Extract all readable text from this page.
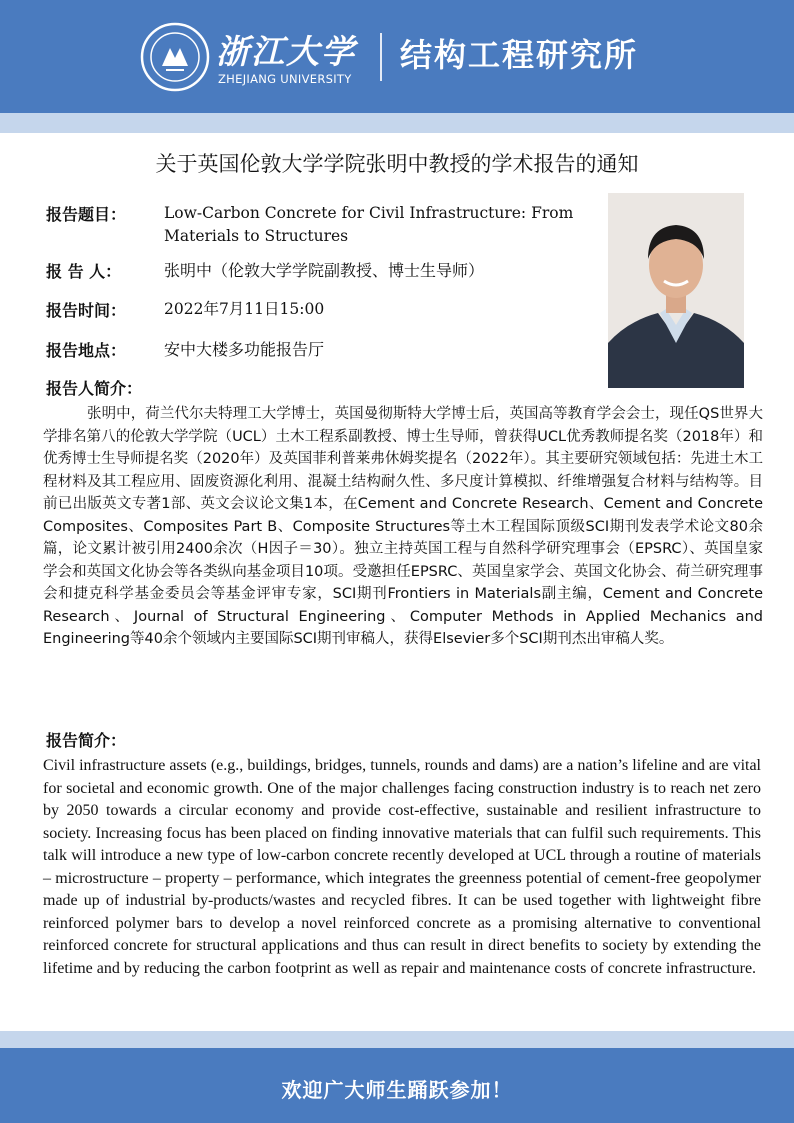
浙江大学
ZHEJIANG UNIVERSITY
结构工程研究所
关于英国伦敦大学学院张明中教授的学术报告的通知
报告题目：	Low-Carbon Concrete for Civil Infrastructure: From Materials to Structures
报 告 人：	张明中（伦敦大学学院副教授、博士生导师）
报告时间：	2022年7月11日15:00
报告地点：	安中大楼多功能报告厅
报告人简介：
张明中，荷兰代尔夫特理工大学博士，英国曼彻斯特大学博士后，英国高等教育学会会士，现任QS世界大学排名第八的伦敦大学学院（UCL）土木工程系副教授、博士生导师，曾获得UCL优秀教师提名奖（2018年）和优秀博士生导师提名奖（2020年）及英国菲利普莱弗休姆奖提名（2022年）。其主要研究领域包括：先进土木工程材料及其工程应用、固废资源化利用、混凝土结构耐久性、多尺度计算模拟、纤维增强复合材料与结构等。目前已出版英文专著1部、英文会议论文集1本，在Cement and Concrete Research、Cement and Concrete Composites、Composites Part B、Composite Structures等土木工程国际顶级SCI期刊发表学术论文80余篇，论文累计被引用2400余次（H因子＝30）。独立主持英国工程与自然科学研究理事会（EPSRC）、英国皇家学会和英国文化协会等各类纵向基金项目10项。受邀担任EPSRC、英国皇家学会、英国文化协会、荷兰研究理事会和捷克科学基金委员会等基金评审专家，SCI期刊Frontiers in Materials副主编，Cement and Concrete Research、Journal of Structural Engineering、Computer Methods in Applied Mechanics and Engineering等40余个领域内主要国际SCI期刊审稿人，获得Elsevier多个SCI期刊杰出审稿人奖。
报告简介：
Civil infrastructure assets (e.g., buildings, bridges, tunnels, rounds and dams) are a nation’s lifeline and are vital for societal and economic growth. One of the major challenges facing construction industry is to reach net zero by 2050 towards a circular economy and provide cost-effective, sustainable and resilient infrastructure to society. Increasing focus has been placed on finding innovative materials that can fulfil such requirements. This talk will introduce a new type of low-carbon concrete recently developed at UCL through a routine of materials – microstructure – property – performance, which integrates the greenness potential of cement-free geopolymer made up of industrial by-products/wastes and recycled fibres. It can be used together with lightweight fibre reinforced polymer bars to develop a novel reinforced concrete as a promising alternative to conventional reinforced concrete for structural applications and thus can result in direct benefits to society by extending the lifetime and by reducing the carbon footprint as well as repair and maintenance costs of concrete infrastructure.
欢迎广大师生踊跃参加！
